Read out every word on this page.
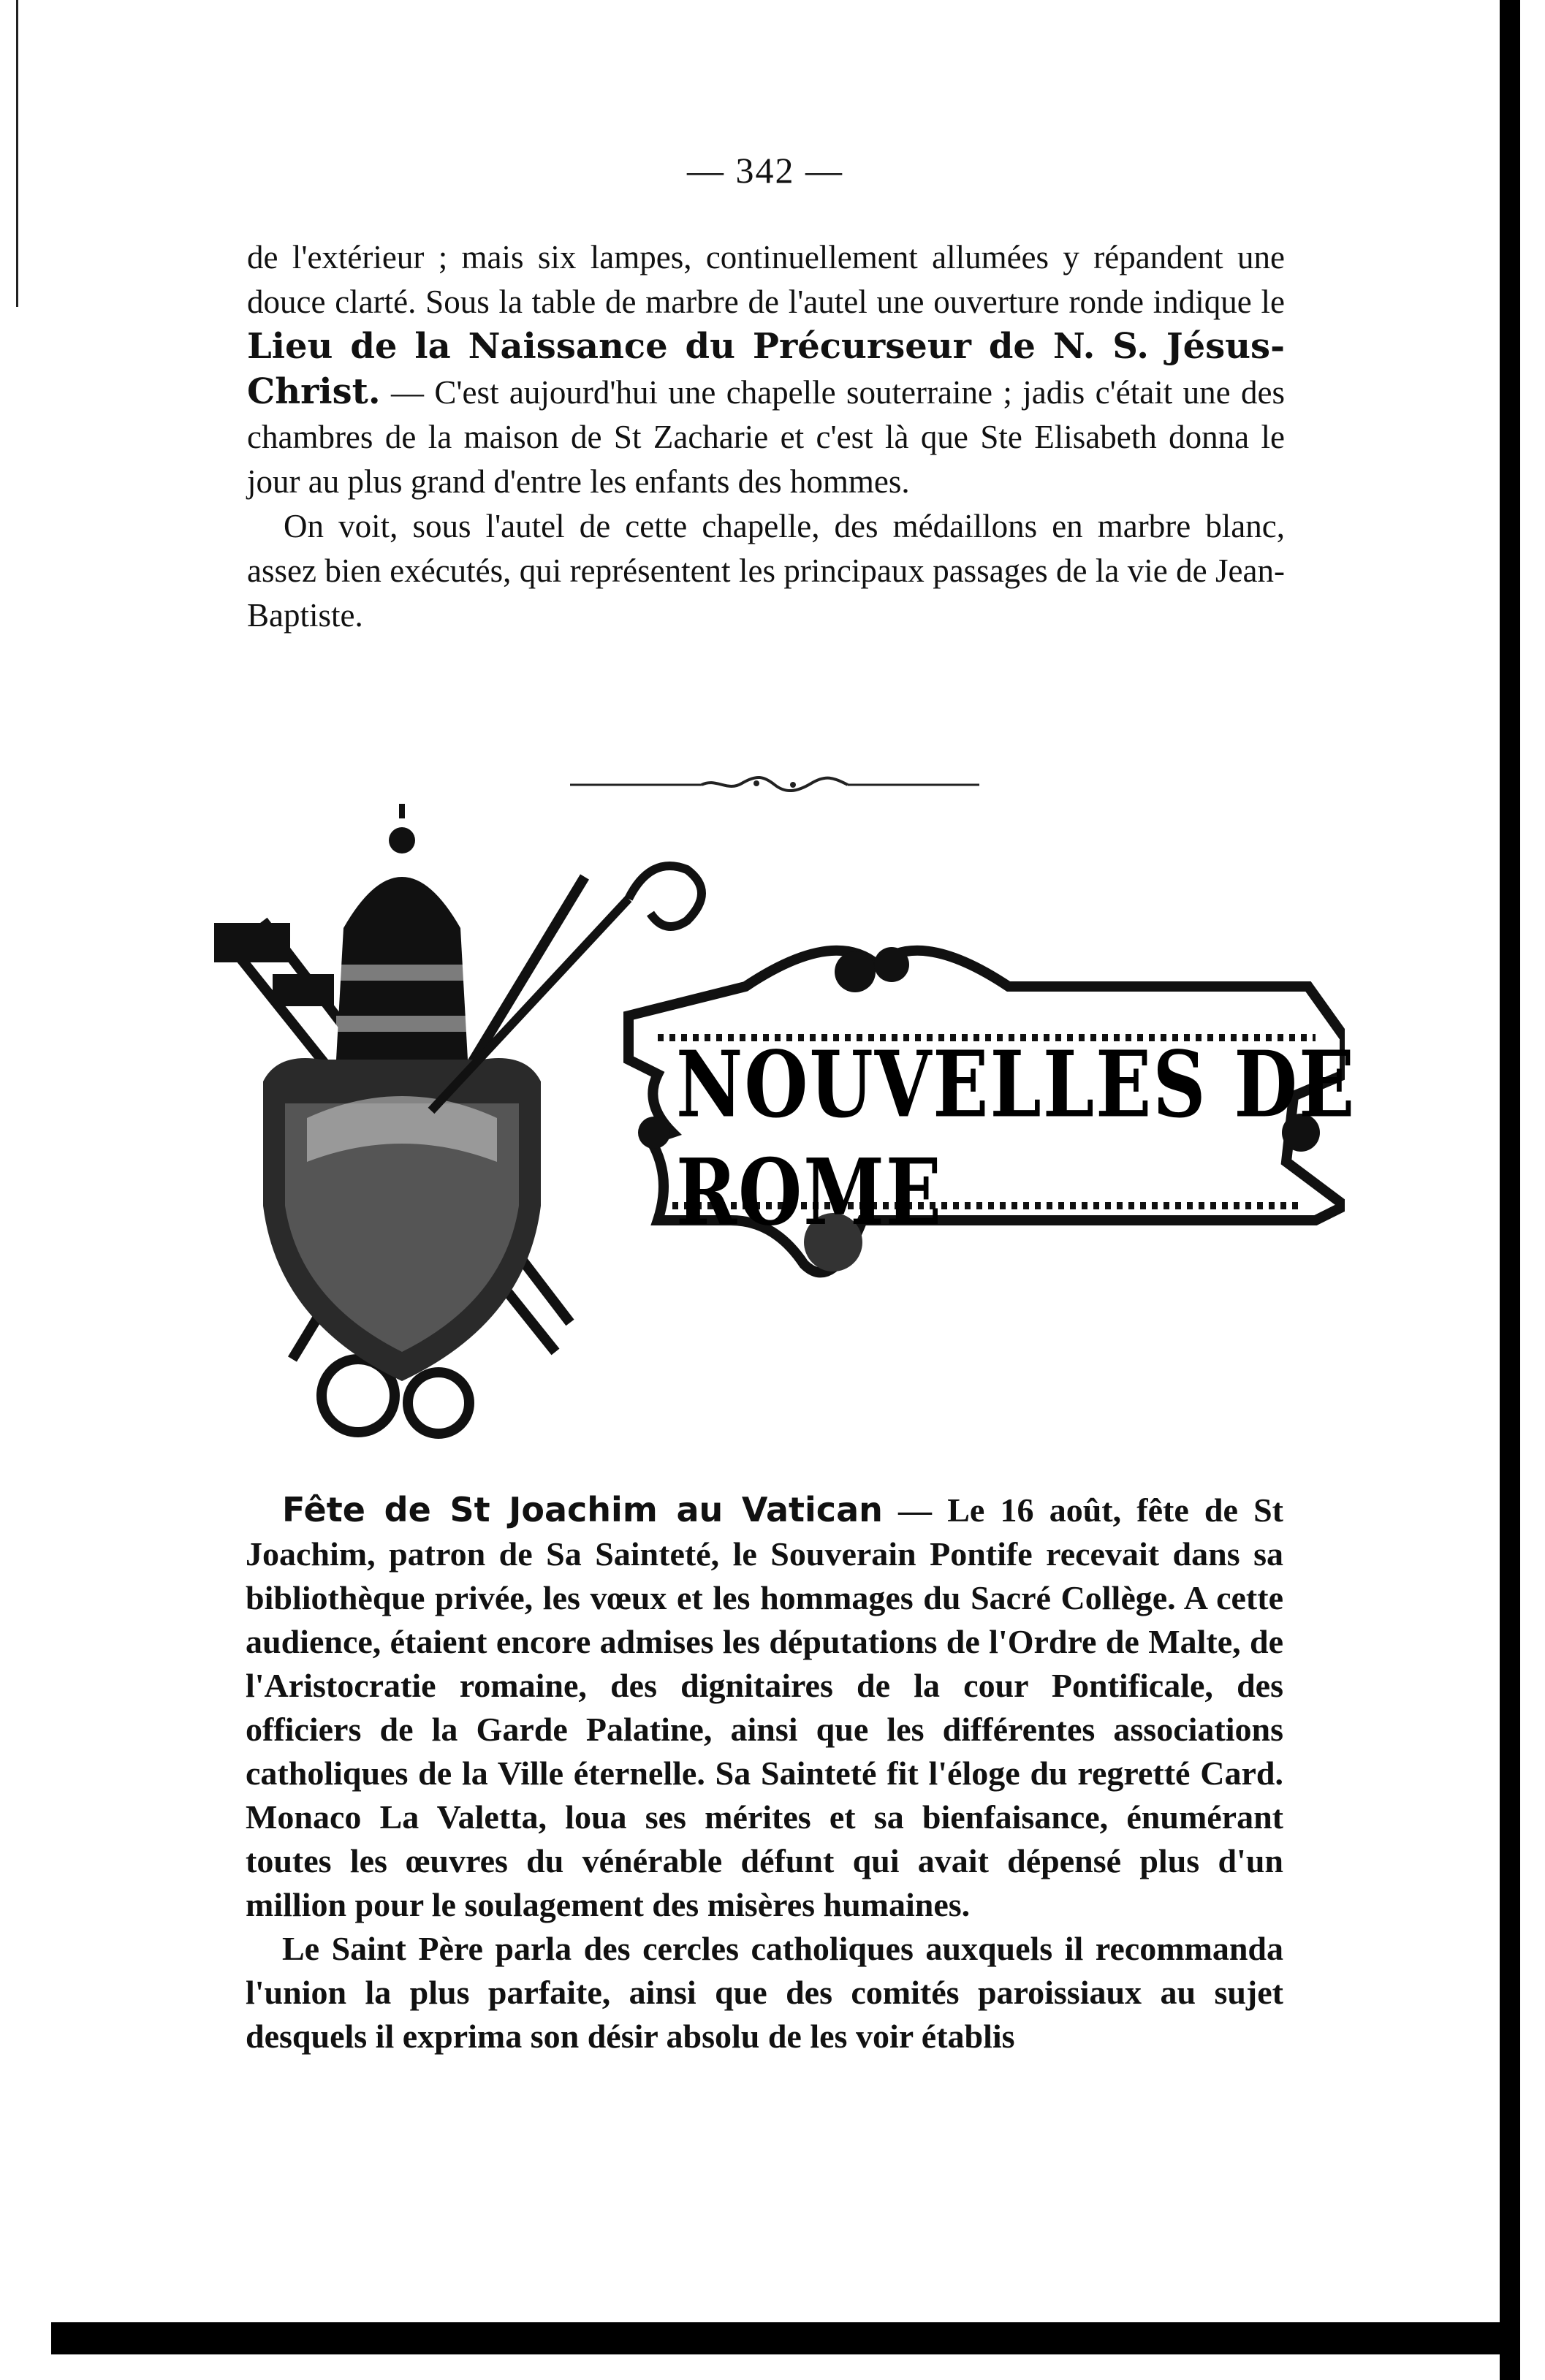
— 342 —

de l'extérieur ; mais six lampes, continuellement allumées y répandent une douce clarté. Sous la table de marbre de l'autel une ouverture ronde indique le Lieu de la Naissance du Précurseur de N. S. Jésus-Christ. — C'est aujourd'hui une chapelle souterraine ; jadis c'était une des chambres de la maison de St Zacharie et c'est là que Ste Elisabeth donna le jour au plus grand d'entre les enfants des hommes.

On voit, sous l'autel de cette chapelle, des médaillons en marbre blanc, assez bien exécutés, qui représentent les principaux passages de la vie de Jean-Baptiste.

NOUVELLES DE ROME

Fête de St Joachim au Vatican — Le 16 août, fête de St Joachim, patron de Sa Sainteté, le Souverain Pontife recevait dans sa bibliothèque privée, les vœux et les hommages du Sacré Collège. A cette audience, étaient encore admises les députations de l'Ordre de Malte, de l'Aristocratie romaine, des dignitaires de la cour Pontificale, des officiers de la Garde Palatine, ainsi que les différentes associations catholiques de la Ville éternelle. Sa Sainteté fit l'éloge du regretté Card. Monaco La Valetta, loua ses mérites et sa bienfaisance, énumérant toutes les œuvres du vénérable défunt qui avait dépensé plus d'un million pour le soulagement des misères humaines.

Le Saint Père parla des cercles catholiques auxquels il recommanda l'union la plus parfaite, ainsi que des comités paroissiaux au sujet desquels il exprima son désir absolu de les voir établis
